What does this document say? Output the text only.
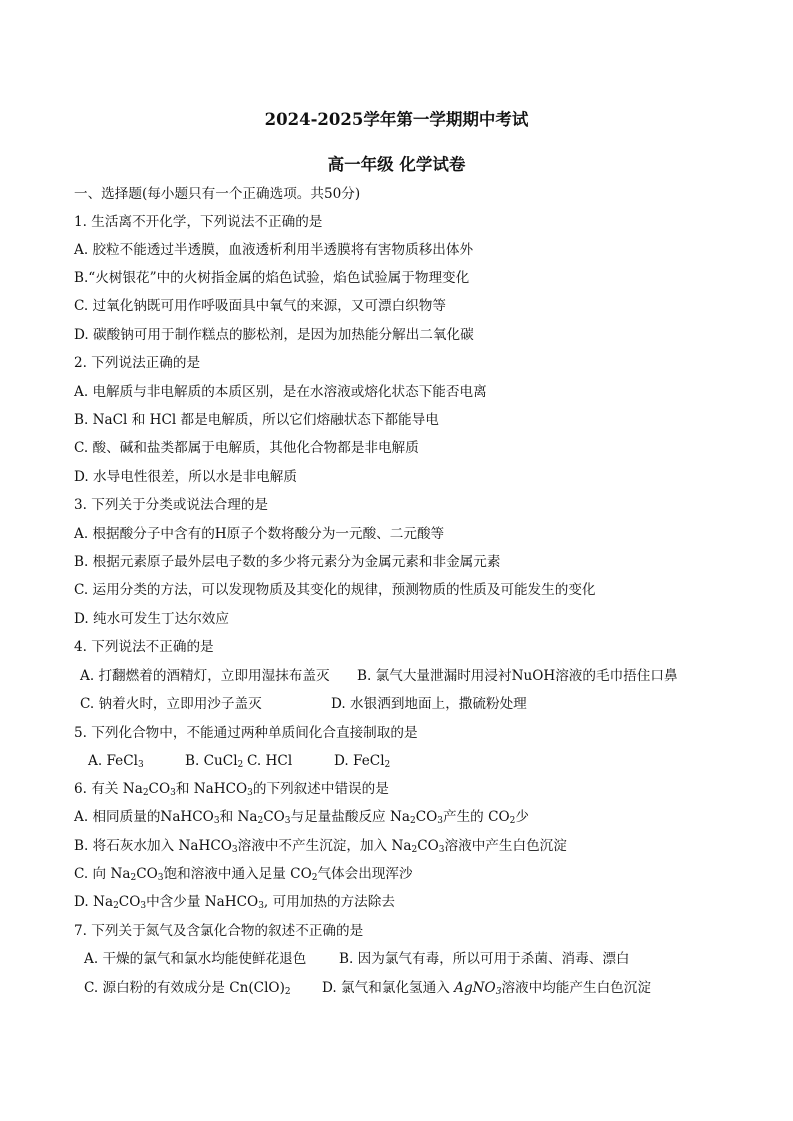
2024-2025学年第一学期期中考试
高一年级 化学试卷

一、选择题(每小题只有一个正确选项。共50分)

1. 生活离不开化学，下列说法不正确的是

A. 胶粒不能透过半透膜，血液透析利用半透膜将有害物质移出体外

B.“火树银花”中的火树指金属的焰色试验，焰色试验属于物理变化

C. 过氧化钠既可用作呼吸面具中氧气的来源，又可漂白织物等

D. 碳酸钠可用于制作糕点的膨松剂，是因为加热能分解出二氧化碳

2. 下列说法正确的是

A. 电解质与非电解质的本质区别，是在水溶液或熔化状态下能否电离

B. NaCl 和 HCl 都是电解质，所以它们熔融状态下都能导电

C. 酸、碱和盐类都属于电解质，其他化合物都是非电解质

D. 水导电性很差，所以水是非电解质

3. 下列关于分类或说法合理的是

A. 根据酸分子中含有的H原子个数将酸分为一元酸、二元酸等

B. 根据元素原子最外层电子数的多少将元素分为金属元素和非金属元素

C. 运用分类的方法，可以发现物质及其变化的规律，预测物质的性质及可能发生的变化

D. 纯水可发生丁达尔效应

4. 下列说法不正确的是

A. 打翻燃着的酒精灯，立即用湿抹布盖灭 B. 氯气大量泄漏时用浸衬NuOH溶液的毛巾捂住口鼻
C. 钠着火时，立即用沙子盖灭	D. 水银洒到地面上，撒硫粉处理

5. 下列化合物中，不能通过两种单质间化合直接制取的是

A. FeCl$_3$	B. CuCl$_2$ C. HCl	D. FeCl$_2$

6. 有关 $Na_2CO_3$和 NaHCO$_3$的下列叙述中错误的是

A. 相同质量的NaHCO$_3$和 $Na_2CO_3$与足量盐酸反应 $Na_2CO_3$产生的 $CO_2$少

B. 将石灰水加入 NaHCO$_3$溶液中不产生沉淀，加入 $Na_2CO_3$溶液中产生白色沉淀

C. 向 $Na_2CO_3$饱和溶液中通入足量 $CO_2$气体会出现浑沙

D. $Na_2CO_3$中含少量 NaHCO$_3$, 可用加热的方法除去

7. 下列关于氮气及含氯化合物的叙述不正确的是

A. 干燥的氯气和氯水均能使鲜花退色 B. 因为氯气有毒，所以可用于杀菌、消毒、漂白
C. 源白粉的有效成分是 $Cn(ClO)_2$ D. 氯气和氯化氢通入 AgNO$_3$溶液中均能产生白色沉淀
